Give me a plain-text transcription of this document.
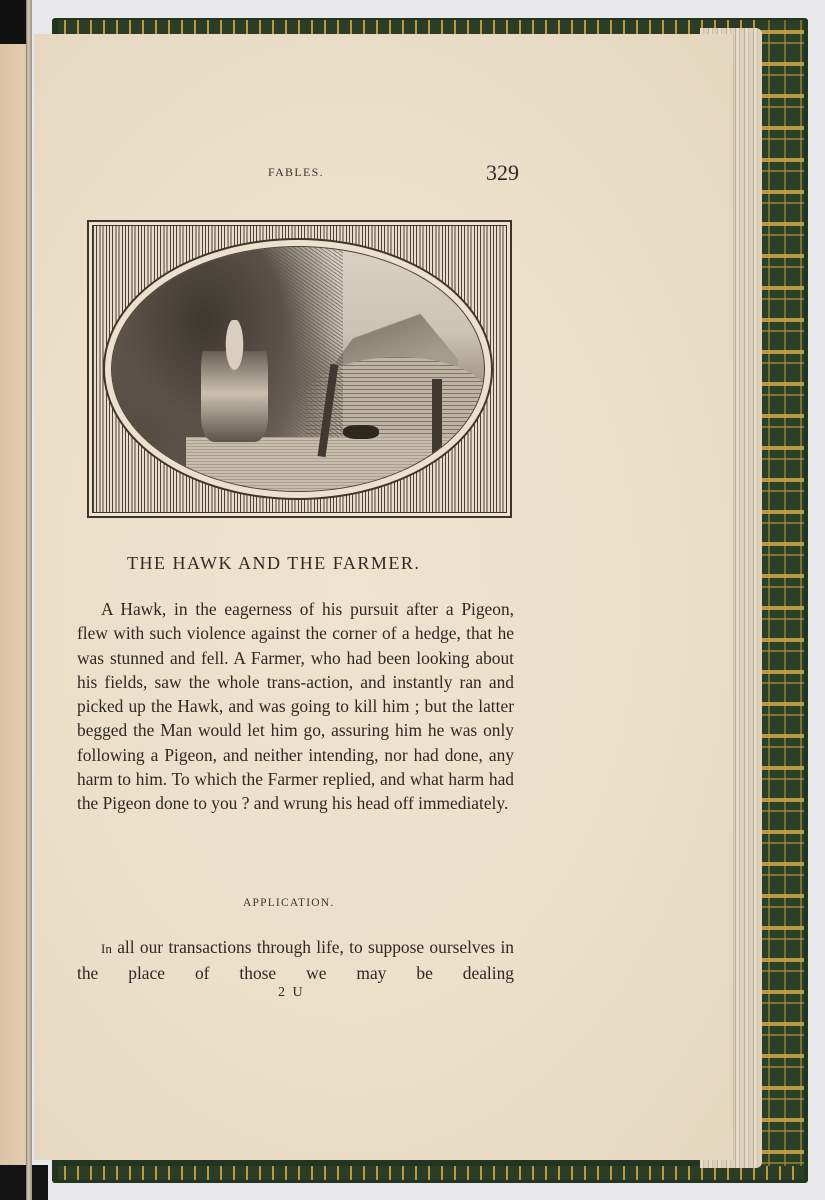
FABLES.	329
THE HAWK AND THE FARMER.

A Hawk, in the eagerness of his pursuit after a Pigeon, flew with such violence against the corner of a hedge, that he was stunned and fell. A Farmer, who had been looking about his fields, saw the whole trans-action, and instantly ran and picked up the Hawk, and was going to kill him ; but the latter begged the Man would let him go, assuring him he was only following a Pigeon, and neither intending, nor had done, any harm to him. To which the Farmer replied, and what harm had the Pigeon done to you ? and wrung his head off immediately.

APPLICATION.

In all our transactions through life, to suppose ourselves in the place of those we may be dealing

2 U
